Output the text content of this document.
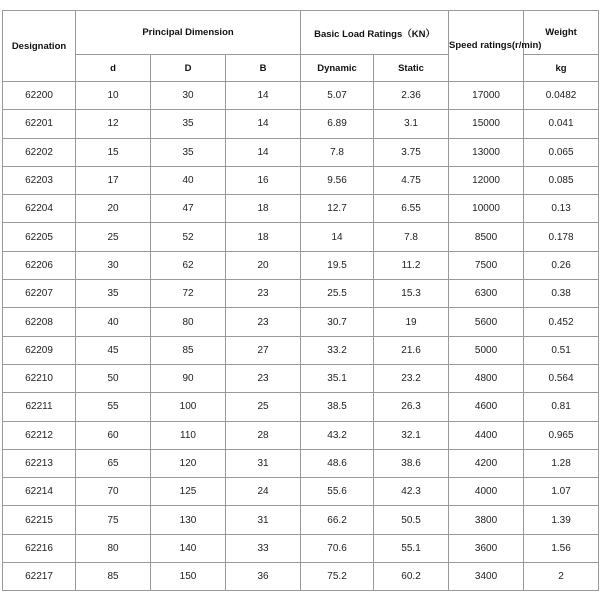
Designation	Principal Dimension			Basic Load Ratings（KN）		Speed ratings(r/min)	Weight
	d	D	B	Dynamic	Static		kg
62200	10	30	14	5.07	2.36	17000	0.0482
62201	12	35	14	6.89	3.1	15000	0.041
62202	15	35	14	7.8	3.75	13000	0.065
62203	17	40	16	9.56	4.75	12000	0.085
62204	20	47	18	12.7	6.55	10000	0.13
62205	25	52	18	14	7.8	8500	0.178
62206	30	62	20	19.5	11.2	7500	0.26
62207	35	72	23	25.5	15.3	6300	0.38
62208	40	80	23	30.7	19	5600	0.452
62209	45	85	27	33.2	21.6	5000	0.51
62210	50	90	23	35.1	23.2	4800	0.564
62211	55	100	25	38.5	26.3	4600	0.81
62212	60	110	28	43.2	32.1	4400	0.965
62213	65	120	31	48.6	38.6	4200	1.28
62214	70	125	24	55.6	42.3	4000	1.07
62215	75	130	31	66.2	50.5	3800	1.39
62216	80	140	33	70.6	55.1	3600	1.56
62217	85	150	36	75.2	60.2	3400	2
